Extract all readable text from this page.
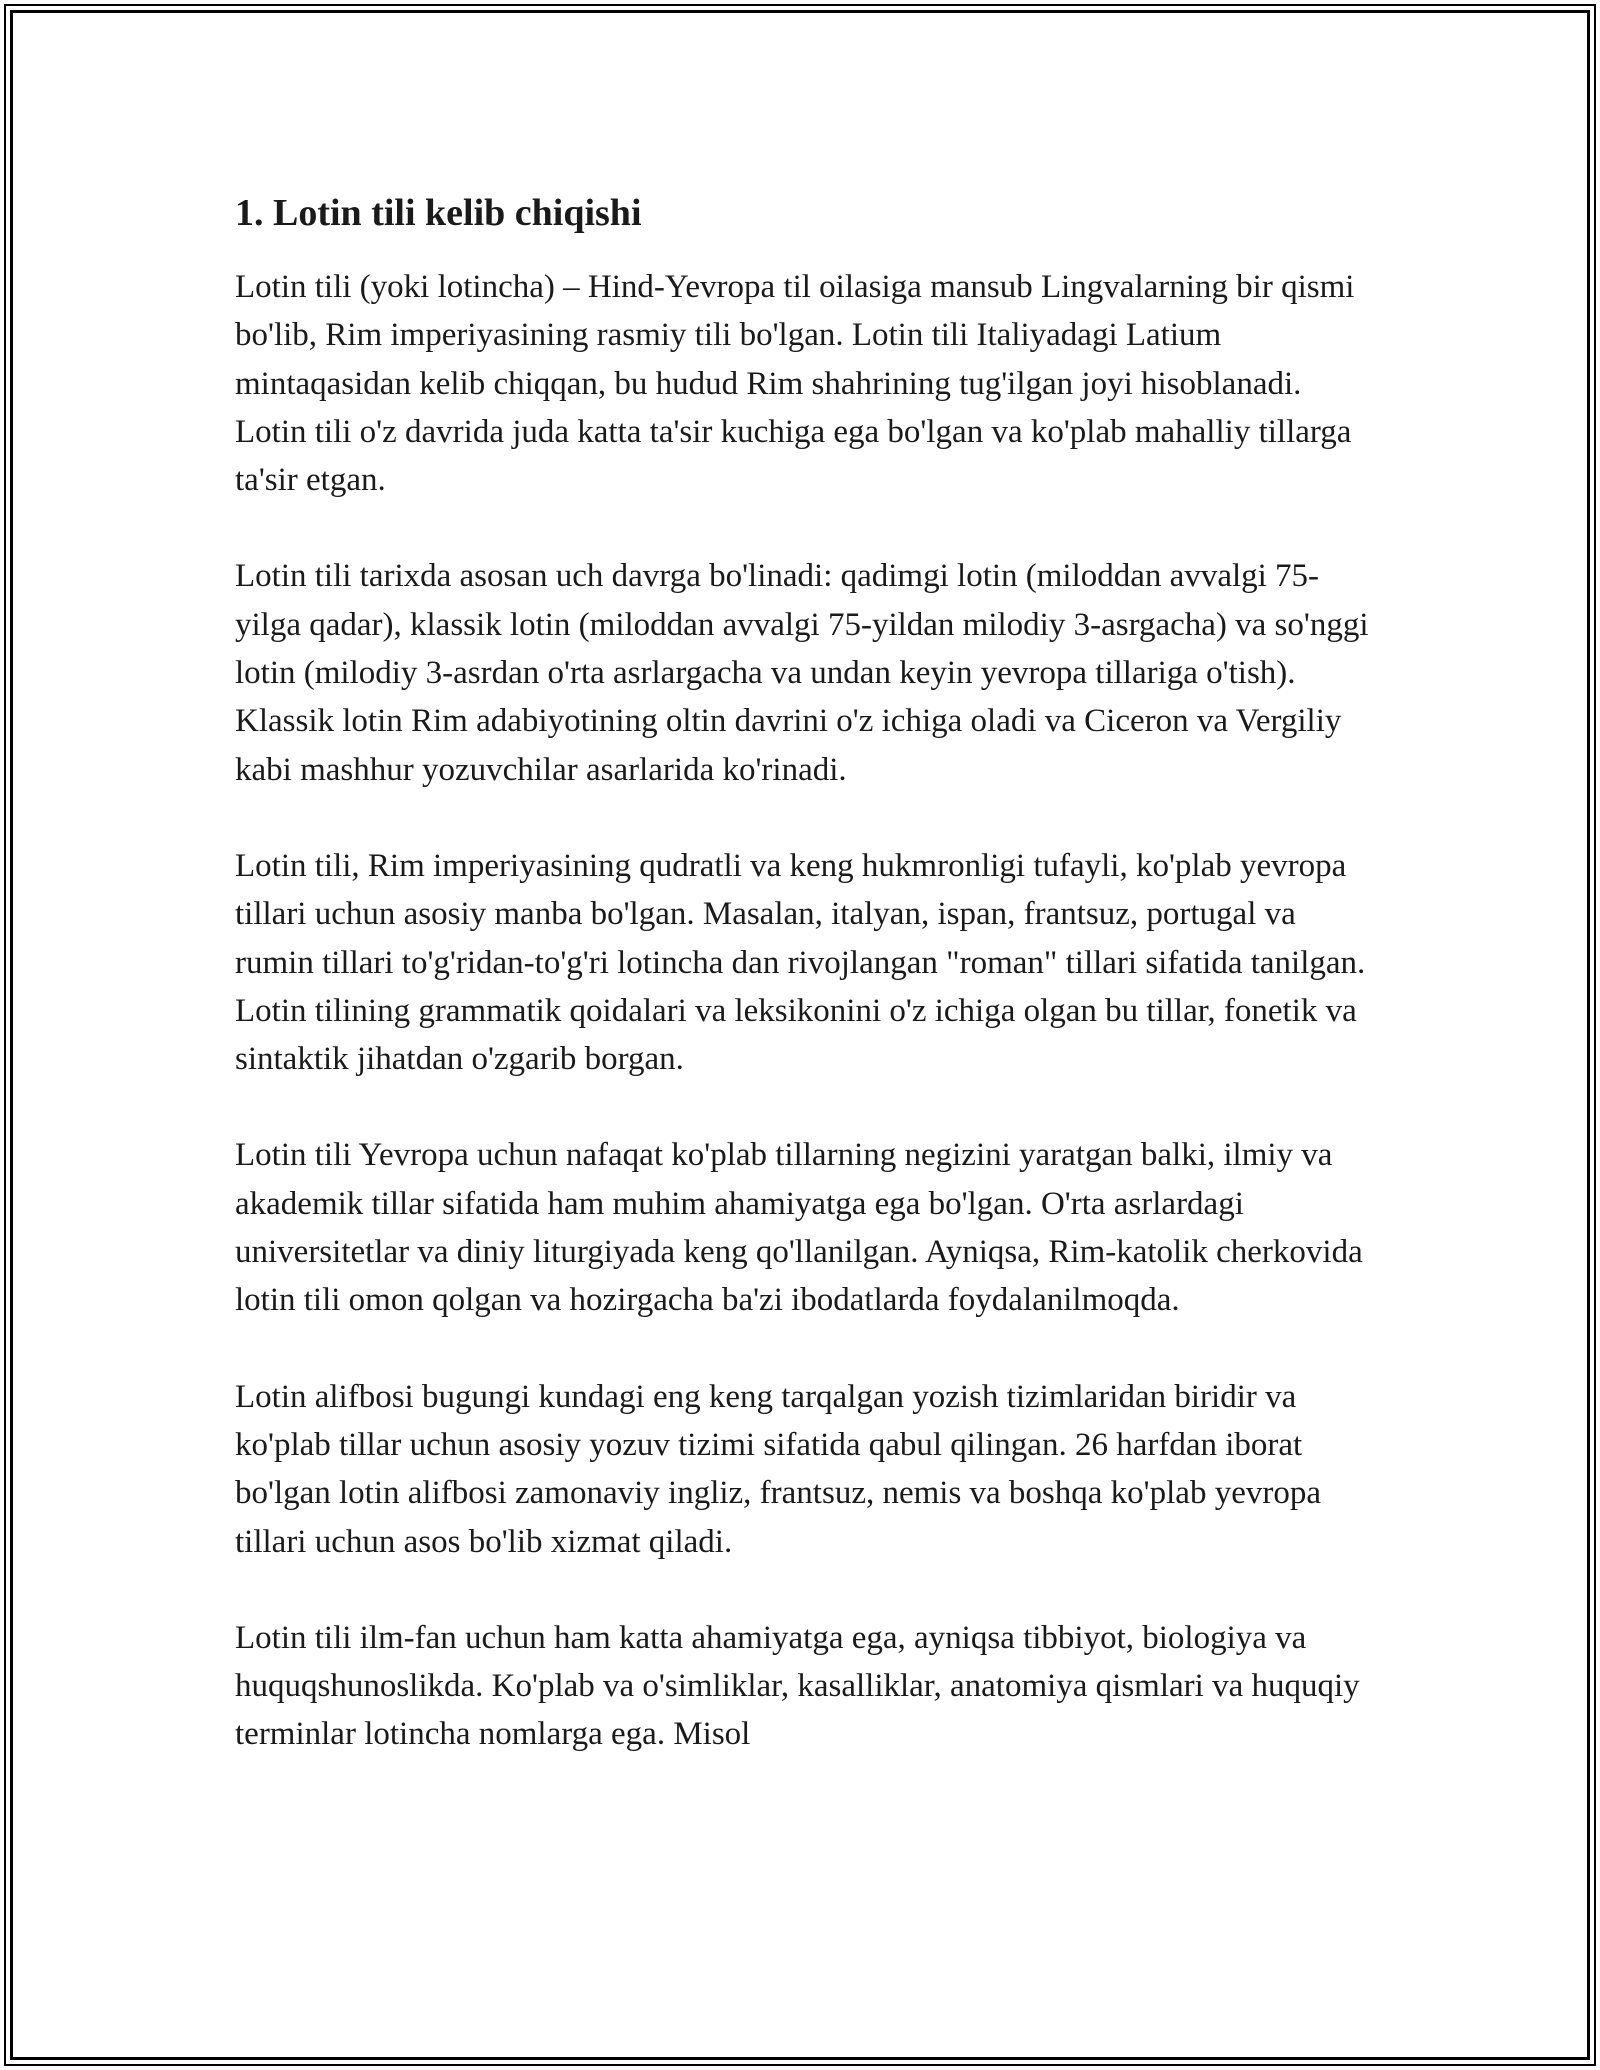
1. Lotin tili kelib chiqishi

Lotin tili (yoki lotincha) – Hind-Yevropa til oilasiga mansub Lingvalarning bir qismi bo'lib, Rim imperiyasining rasmiy tili bo'lgan. Lotin tili Italiyadagi Latium mintaqasidan kelib chiqqan, bu hudud Rim shahrining tug'ilgan joyi hisoblanadi. Lotin tili o'z davrida juda katta ta'sir kuchiga ega bo'lgan va ko'plab mahalliy tillarga ta'sir etgan.

Lotin tili tarixda asosan uch davrga bo'linadi: qadimgi lotin (miloddan avvalgi 75-yilga qadar), klassik lotin (miloddan avvalgi 75-yildan milodiy 3-asrgacha) va so'nggi lotin (milodiy 3-asrdan o'rta asrlargacha va undan keyin yevropa tillariga o'tish). Klassik lotin Rim adabiyotining oltin davrini o'z ichiga oladi va Ciceron va Vergiliy kabi mashhur yozuvchilar asarlarida ko'rinadi.

Lotin tili, Rim imperiyasining qudratli va keng hukmronligi tufayli, ko'plab yevropa tillari uchun asosiy manba bo'lgan. Masalan, italyan, ispan, frantsuz, portugal va rumin tillari to'g'ridan-to'g'ri lotincha dan rivojlangan "roman" tillari sifatida tanilgan. Lotin tilining grammatik qoidalari va leksikonini o'z ichiga olgan bu tillar, fonetik va sintaktik jihatdan o'zgarib borgan.

Lotin tili Yevropa uchun nafaqat ko'plab tillarning negizini yaratgan balki, ilmiy va akademik tillar sifatida ham muhim ahamiyatga ega bo'lgan. O'rta asrlardagi universitetlar va diniy liturgiyada keng qo'llanilgan. Ayniqsa, Rim-katolik cherkovida lotin tili omon qolgan va hozirgacha ba'zi ibodatlarda foydalanilmoqda.

Lotin alifbosi bugungi kundagi eng keng tarqalgan yozish tizimlaridan biridir va ko'plab tillar uchun asosiy yozuv tizimi sifatida qabul qilingan. 26 harfdan iborat bo'lgan lotin alifbosi zamonaviy ingliz, frantsuz, nemis va boshqa ko'plab yevropa tillari uchun asos bo'lib xizmat qiladi.

Lotin tili ilm-fan uchun ham katta ahamiyatga ega, ayniqsa tibbiyot, biologiya va huquqshunoslikda. Ko'plab va o'simliklar, kasalliklar, anatomiya qismlari va huquqiy terminlar lotincha nomlarga ega. Misol
